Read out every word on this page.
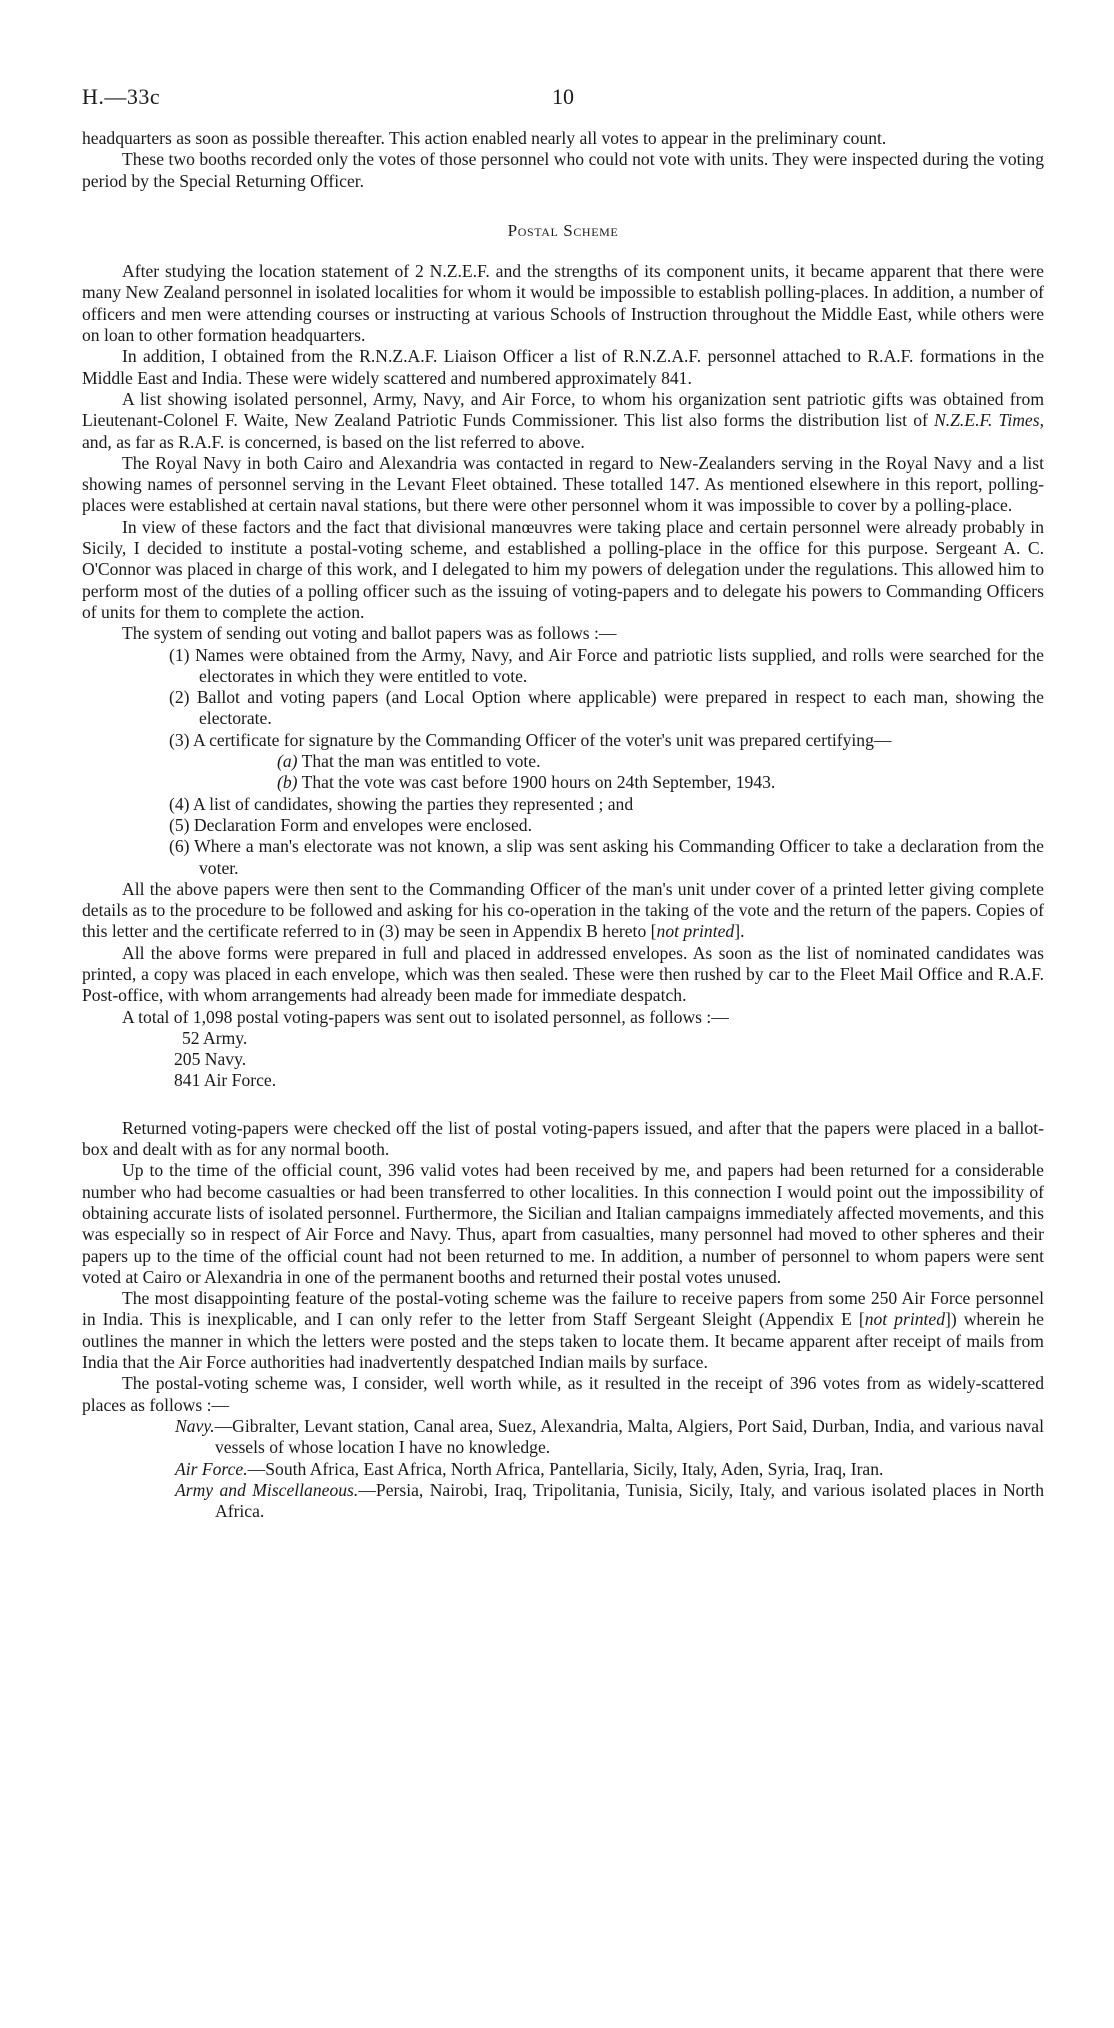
H.—33c	10

headquarters as soon as possible thereafter. This action enabled nearly all votes to appear in the preliminary count.

These two booths recorded only the votes of those personnel who could not vote with units. They were inspected during the voting period by the Special Returning Officer.

Postal Scheme

After studying the location statement of 2 N.Z.E.F. and the strengths of its component units, it became apparent that there were many New Zealand personnel in isolated localities for whom it would be impossible to establish polling-places. In addition, a number of officers and men were attending courses or instructing at various Schools of Instruction throughout the Middle East, while others were on loan to other formation headquarters.

In addition, I obtained from the R.N.Z.A.F. Liaison Officer a list of R.N.Z.A.F. personnel attached to R.A.F. formations in the Middle East and India. These were widely scattered and numbered approximately 841.

A list showing isolated personnel, Army, Navy, and Air Force, to whom his organization sent patriotic gifts was obtained from Lieutenant-Colonel F. Waite, New Zealand Patriotic Funds Commissioner. This list also forms the distribution list of N.Z.E.F. Times, and, as far as R.A.F. is concerned, is based on the list referred to above.

The Royal Navy in both Cairo and Alexandria was contacted in regard to New-Zealanders serving in the Royal Navy and a list showing names of personnel serving in the Levant Fleet obtained. These totalled 147. As mentioned elsewhere in this report, polling-places were established at certain naval stations, but there were other personnel whom it was impossible to cover by a polling-place.

In view of these factors and the fact that divisional manœuvres were taking place and certain personnel were already probably in Sicily, I decided to institute a postal-voting scheme, and established a polling-place in the office for this purpose. Sergeant A. C. O'Connor was placed in charge of this work, and I delegated to him my powers of delegation under the regulations. This allowed him to perform most of the duties of a polling officer such as the issuing of voting-papers and to delegate his powers to Commanding Officers of units for them to complete the action.

The system of sending out voting and ballot papers was as follows :—

(1) Names were obtained from the Army, Navy, and Air Force and patriotic lists supplied, and rolls were searched for the electorates in which they were entitled to vote.

(2) Ballot and voting papers (and Local Option where applicable) were prepared in respect to each man, showing the electorate.

(3) A certificate for signature by the Commanding Officer of the voter's unit was prepared certifying—

(a) That the man was entitled to vote.

(b) That the vote was cast before 1900 hours on 24th September, 1943.

(4) A list of candidates, showing the parties they represented ; and

(5) Declaration Form and envelopes were enclosed.

(6) Where a man's electorate was not known, a slip was sent asking his Commanding Officer to take a declaration from the voter.

All the above papers were then sent to the Commanding Officer of the man's unit under cover of a printed letter giving complete details as to the procedure to be followed and asking for his co-operation in the taking of the vote and the return of the papers. Copies of this letter and the certificate referred to in (3) may be seen in Appendix B hereto [not printed].

All the above forms were prepared in full and placed in addressed envelopes. As soon as the list of nominated candidates was printed, a copy was placed in each envelope, which was then sealed. These were then rushed by car to the Fleet Mail Office and R.A.F. Post-office, with whom arrangements had already been made for immediate despatch.

A total of 1,098 postal voting-papers was sent out to isolated personnel, as follows :—

52 Army.

205 Navy.

841 Air Force.

Returned voting-papers were checked off the list of postal voting-papers issued, and after that the papers were placed in a ballot-box and dealt with as for any normal booth.

Up to the time of the official count, 396 valid votes had been received by me, and papers had been returned for a considerable number who had become casualties or had been transferred to other localities. In this connection I would point out the impossibility of obtaining accurate lists of isolated personnel. Furthermore, the Sicilian and Italian campaigns immediately affected movements, and this was especially so in respect of Air Force and Navy. Thus, apart from casualties, many personnel had moved to other spheres and their papers up to the time of the official count had not been returned to me. In addition, a number of personnel to whom papers were sent voted at Cairo or Alexandria in one of the permanent booths and returned their postal votes unused.

The most disappointing feature of the postal-voting scheme was the failure to receive papers from some 250 Air Force personnel in India. This is inexplicable, and I can only refer to the letter from Staff Sergeant Sleight (Appendix E [not printed]) wherein he outlines the manner in which the letters were posted and the steps taken to locate them. It became apparent after receipt of mails from India that the Air Force authorities had inadvertently despatched Indian mails by surface.

The postal-voting scheme was, I consider, well worth while, as it resulted in the receipt of 396 votes from as widely-scattered places as follows :—

Navy.—Gibralter, Levant station, Canal area, Suez, Alexandria, Malta, Algiers, Port Said, Durban, India, and various naval vessels of whose location I have no knowledge.

Air Force.—South Africa, East Africa, North Africa, Pantellaria, Sicily, Italy, Aden, Syria, Iraq, Iran.

Army and Miscellaneous.—Persia, Nairobi, Iraq, Tripolitania, Tunisia, Sicily, Italy, and various isolated places in North Africa.
